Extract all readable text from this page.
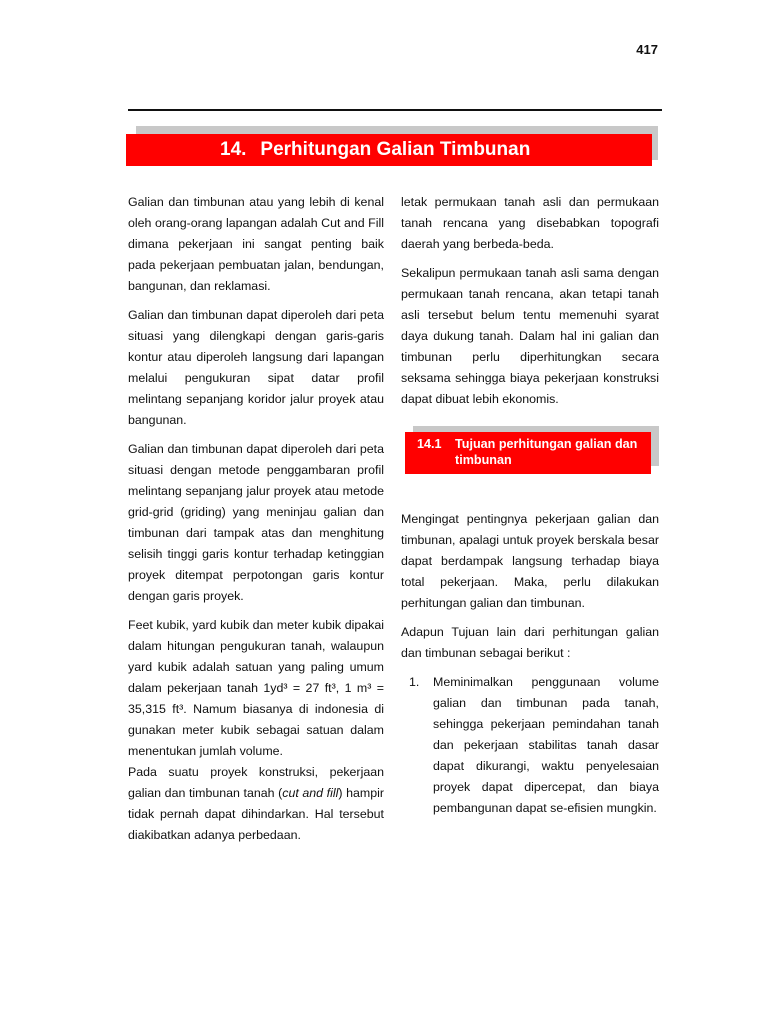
417
14. Perhitungan Galian Timbunan

Galian dan timbunan atau yang lebih di kenal oleh orang-orang lapangan adalah Cut and Fill dimana pekerjaan ini sangat penting baik pada pekerjaan pembuatan jalan, bendungan, bangunan, dan reklamasi.

Galian dan timbunan dapat diperoleh dari peta situasi yang dilengkapi dengan garis-garis kontur atau diperoleh langsung dari lapangan melalui pengukuran sipat datar profil melintang sepanjang koridor jalur proyek atau bangunan.

Galian dan timbunan dapat diperoleh dari peta situasi dengan metode penggambaran profil melintang sepanjang jalur proyek atau metode grid-grid (griding) yang meninjau galian dan timbunan dari tampak atas dan menghitung selisih tinggi garis kontur terhadap ketinggian proyek ditempat perpotongan garis kontur dengan garis proyek.

Feet kubik, yard kubik dan meter kubik dipakai dalam hitungan pengukuran tanah, walaupun yard kubik adalah satuan yang paling umum dalam pekerjaan tanah 1yd³ = 27 ft³, 1 m³ = 35,315 ft³. Namum biasanya di indonesia di gunakan meter kubik sebagai satuan dalam menentukan jumlah volume.

Pada suatu proyek konstruksi, pekerjaan galian dan timbunan tanah (cut and fill) hampir tidak pernah dapat dihindarkan. Hal tersebut diakibatkan adanya perbedaan.

letak permukaan tanah asli dan permukaan tanah rencana yang disebabkan topografi daerah yang berbeda-beda.

Sekalipun permukaan tanah asli sama dengan permukaan tanah rencana, akan tetapi tanah asli tersebut belum tentu memenuhi syarat daya dukung tanah. Dalam hal ini galian dan timbunan perlu diperhitungkan secara seksama sehingga biaya pekerjaan konstruksi dapat dibuat lebih ekonomis.

14.1	Tujuan perhitungan galian dan timbunan

Mengingat pentingnya pekerjaan galian dan timbunan, apalagi untuk proyek berskala besar dapat berdampak langsung terhadap biaya total pekerjaan. Maka, perlu dilakukan perhitungan galian dan timbunan.

Adapun Tujuan lain dari perhitungan galian dan timbunan sebagai berikut :

1.	Meminimalkan penggunaan volume galian dan timbunan pada tanah, sehingga pekerjaan pemindahan tanah dan pekerjaan stabilitas tanah dasar dapat dikurangi, waktu penyelesaian proyek dapat dipercepat, dan biaya pembangunan dapat se-efisien mungkin.
